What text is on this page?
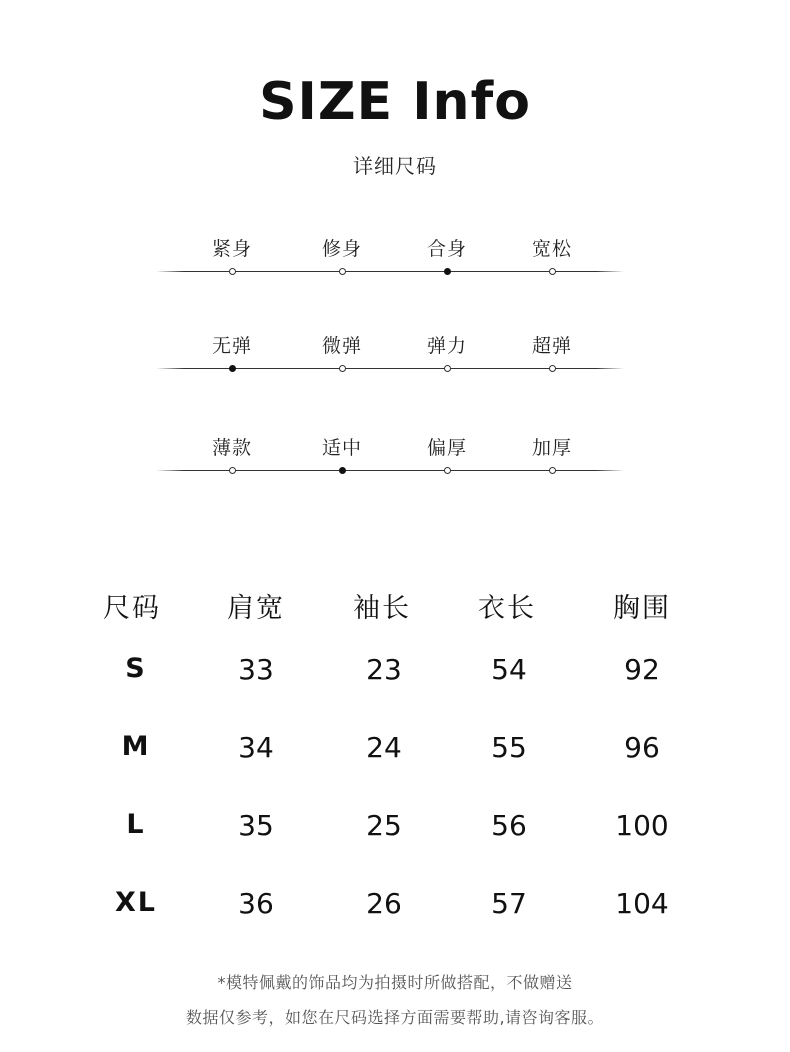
SIZE Info
详细尺码
紧身	修身	合身	宽松
无弹	微弹	弹力	超弹
薄款	适中	偏厚	加厚
尺码	肩宽	袖长	衣长	胸围
S	33	23	54	92
M	34	24	55	96
L	35	25	56	100
XL	36	26	57	104
*模特佩戴的饰品均为拍摄时所做搭配，不做赠送
数据仅参考，如您在尺码选择方面需要帮助,请咨询客服。
